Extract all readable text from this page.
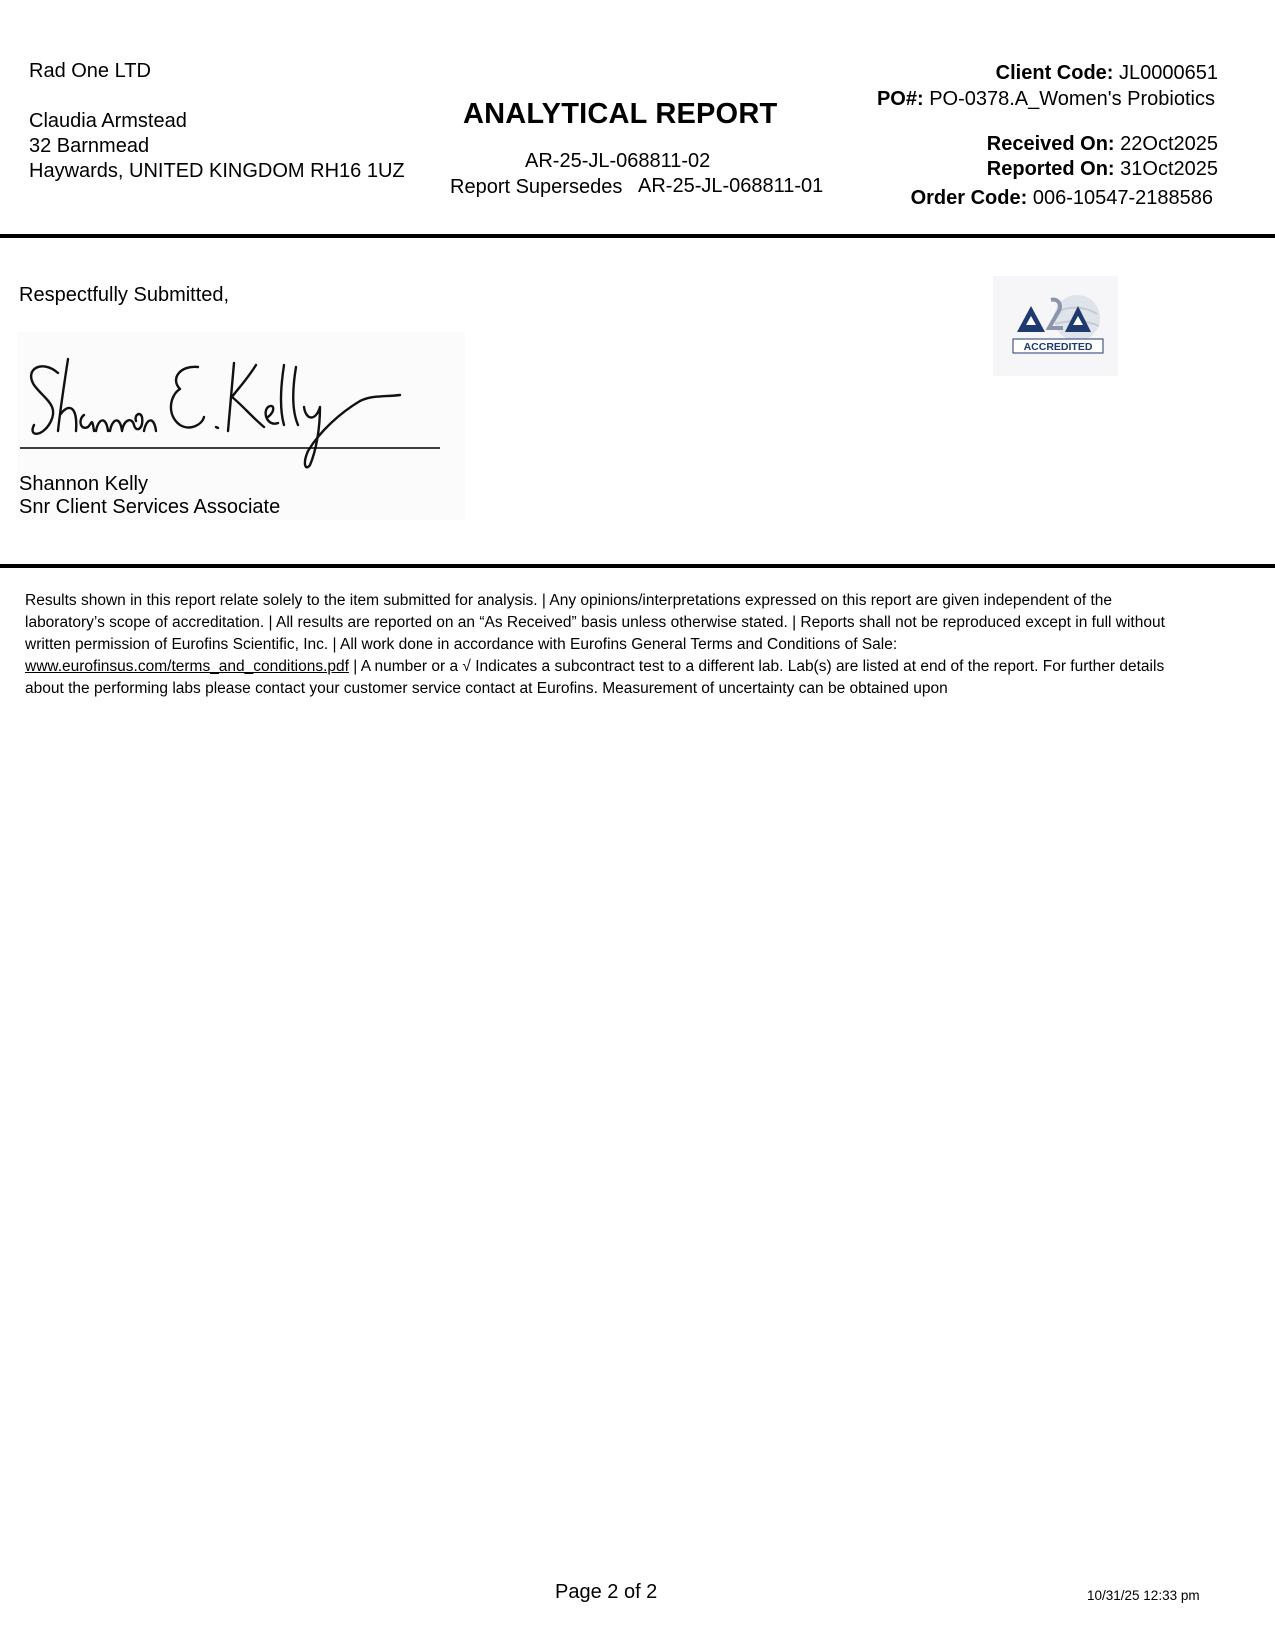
Rad One LTD
Claudia Armstead
32 Barnmead
Haywards, UNITED KINGDOM RH16 1UZ
ANALYTICAL REPORT
AR-25-JL-068811-02
Report Supersedes AR-25-JL-068811-01
Client Code: JL0000651
PO#: PO-0378.A_Women's Probiotics
Received On: 22Oct2025
Reported On: 31Oct2025
Order Code: 006-10547-2188586
Respectfully Submitted,
Shannon Kelly
Snr Client Services Associate
ACCREDITED
Results shown in this report relate solely to the item submitted for analysis. | Any opinions/interpretations expressed on this report are given independent of the laboratory’s scope of accreditation. | All results are reported on an “As Received” basis unless otherwise stated. | Reports shall not be reproduced except in full without written permission of Eurofins Scientific, Inc. | All work done in accordance with Eurofins General Terms and Conditions of Sale: www.eurofinsus.com/terms_and_conditions.pdf | A number or a √ Indicates a subcontract test to a different lab. Lab(s) are listed at end of the report. For further details about the performing labs please contact your customer service contact at Eurofins. Measurement of uncertainty can be obtained upon
Page 2 of 2	10/31/25 12:33 pm
